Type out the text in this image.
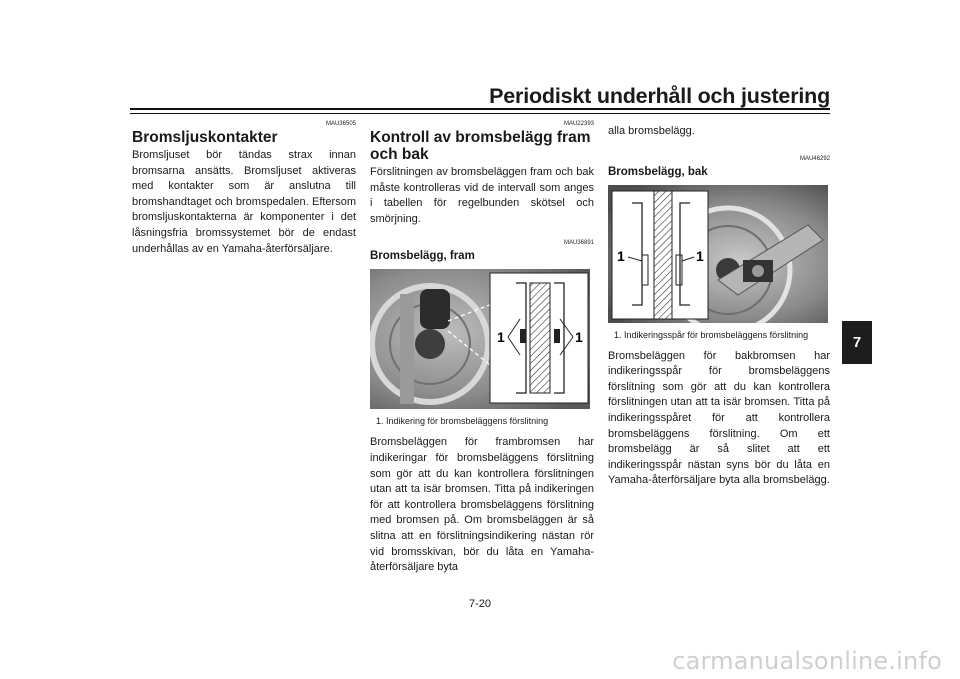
Periodiskt underhåll och justering
MAU36505
Bromsljuskontakter

Bromsljuset bör tändas strax innan bromsarna ansätts. Bromsljuset aktiveras med kontakter som är anslutna till bromshandtaget och bromspedalen. Eftersom bromsljuskontakterna är komponenter i det låsningsfria bromssystemet bör de endast underhållas av en Yamaha-återförsäljare.

MAU22393
Kontroll av bromsbelägg fram och bak

Förslitningen av bromsbeläggen fram och bak måste kontrolleras vid de intervall som anges i tabellen för regelbunden skötsel och smörjning.

MAU36891
Bromsbelägg, fram
1	1
1. Indikering för bromsbeläggens förslitning

Bromsbeläggen för frambromsen har indikeringar för bromsbeläggens förslitning som gör att du kan kontrollera förslitningen utan att ta isär bromsen. Titta på indikeringen för att kontrollera bromsbeläggens förslitning med bromsen på. Om bromsbeläggen är så slitna att en förslitningsindikering nästan rör vid bromsskivan, bör du låta en Yamaha-återförsäljare byta

alla bromsbelägg.

MAU46292
Bromsbelägg, bak
1	1
1. Indikeringsspår för bromsbeläggens förslitning

Bromsbeläggen för bakbromsen har indikeringsspår för bromsbeläggens förslitning som gör att du kan kontrollera förslitningen utan att ta isär bromsen. Titta på indikeringsspåret för att kontrollera bromsbeläggens förslitning. Om ett bromsbelägg är så slitet att ett indikeringsspår nästan syns bör du låta en Yamaha-återförsäljare byta alla bromsbelägg.

7
7-20
carmanualsonline.info
